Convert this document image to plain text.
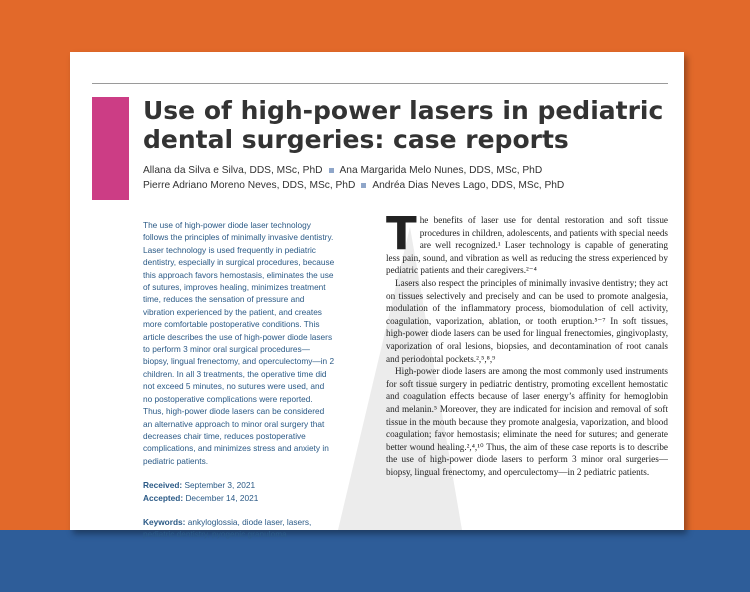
Use of high-power lasers in pediatric dental surgeries: case reports
Allana da Silva e Silva, DDS, MSc, PhD Ana Margarida Melo Nunes, DDS, MSc, PhD
Pierre Adriano Moreno Neves, DDS, MSc, PhD Andréa Dias Neves Lago, DDS, MSc, PhD

The use of high-power diode laser technology follows the principles of minimally invasive dentistry. Laser technology is used frequently in pediatric dentistry, especially in surgical procedures, because this approach favors hemostasis, eliminates the use of sutures, improves healing, minimizes treatment time, reduces the sensation of pressure and vibration experienced by the patient, and creates more comfortable postoperative conditions. This article describes the use of high-power diode lasers to perform 3 minor oral surgical procedures—biopsy, lingual frenectomy, and operculectomy—in 2 children. In all 3 treatments, the operative time did not exceed 5 minutes, no sutures were used, and no postoperative complications were reported. Thus, high-power diode lasers can be considered an alternative approach to minor oral surgery that decreases chair time, reduces postoperative complications, and minimizes stress and anxiety in pediatric patients.

Received: September 3, 2021
Accepted: December 14, 2021
Keywords: ankyloglossia, diode laser, lasers, pediatric dentistry, pyogenic granuloma

The benefits of laser use for dental restoration and soft tissue procedures in children, adolescents, and patients with special needs are well recognized.¹ Laser technology is capable of generating less pain, sound, and vibration as well as reducing the stress experienced by pediatric patients and their caregivers.²⁻⁴

Lasers also respect the principles of minimally invasive dentistry; they act on tissues selectively and precisely and can be used to promote analgesia, modulation of the inflammatory process, biomodulation of cell activity, coagulation, vaporization, ablation, or tooth eruption.⁵⁻⁷ In soft tissues, high-power diode lasers can be used for lingual frenectomies, gingivoplasty, vaporization of oral lesions, biopsies, and decontamination of root canals and periodontal pockets.²,⁵,⁸,⁹

High-power diode lasers are among the most commonly used instruments for soft tissue surgery in pediatric dentistry, promoting excellent hemostatic and coagulation effects because of laser energy’s affinity for hemoglobin and melanin.⁵ Moreover, they are indicated for incision and removal of soft tissue in the mouth because they promote analgesia, vaporization, and blood coagulation; favor hemostasis; eliminate the need for sutures; and generate better wound healing.²,⁴,¹⁰ Thus, the aim of these case reports is to describe the use of high-power diode lasers to perform 3 minor oral surgeries—biopsy, lingual frenectomy, and operculectomy—in 2 pediatric patients.
